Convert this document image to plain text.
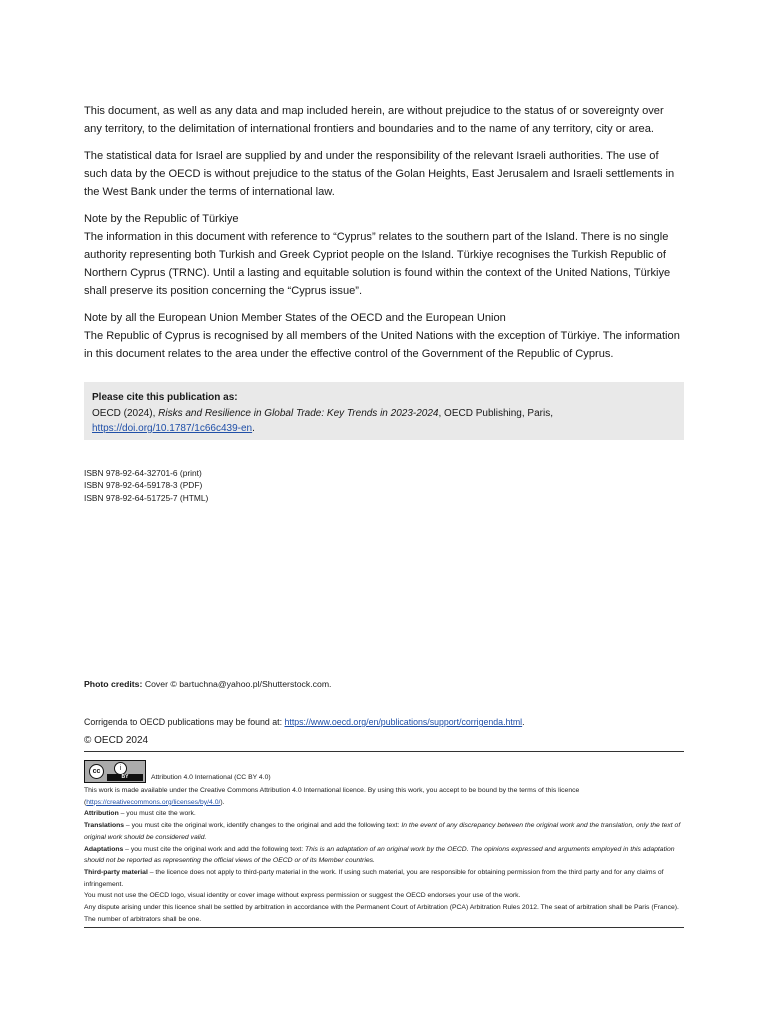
This document, as well as any data and map included herein, are without prejudice to the status of or sovereignty over any territory, to the delimitation of international frontiers and boundaries and to the name of any territory, city or area.

The statistical data for Israel are supplied by and under the responsibility of the relevant Israeli authorities. The use of such data by the OECD is without prejudice to the status of the Golan Heights, East Jerusalem and Israeli settlements in the West Bank under the terms of international law.

Note by the Republic of Türkiye

The information in this document with reference to “Cyprus” relates to the southern part of the Island. There is no single authority representing both Turkish and Greek Cypriot people on the Island. Türkiye recognises the Turkish Republic of Northern Cyprus (TRNC). Until a lasting and equitable solution is found within the context of the United Nations, Türkiye shall preserve its position concerning the “Cyprus issue”.

Note by all the European Union Member States of the OECD and the European Union

The Republic of Cyprus is recognised by all members of the United Nations with the exception of Türkiye. The information in this document relates to the area under the effective control of the Government of the Republic of Cyprus.

Please cite this publication as:

OECD (2024), Risks and Resilience in Global Trade: Key Trends in 2023-2024, OECD Publishing, Paris,

https://doi.org/10.1787/1c66c439-en.

ISBN 978-92-64-32701-6 (print)

ISBN 978-92-64-59178-3 (PDF)

ISBN 978-92-64-51725-7 (HTML)

Photo credits: Cover © bartuchna@yahoo.pl/Shutterstock.com.

Corrigenda to OECD publications may be found at: https://www.oecd.org/en/publications/support/corrigenda.html.

© OECD 2024

cc	i
BY	Attribution 4.0 International (CC BY 4.0)

This work is made available under the Creative Commons Attribution 4.0 International licence. By using this work, you accept to be bound by the terms of this licence (https://creativecommons.org/licenses/by/4.0/).

Attribution – you must cite the work.

Translations – you must cite the original work, identify changes to the original and add the following text: In the event of any discrepancy between the original work and the translation, only the text of original work should be considered valid.

Adaptations – you must cite the original work and add the following text: This is an adaptation of an original work by the OECD. The opinions expressed and arguments employed in this adaptation should not be reported as representing the official views of the OECD or of its Member countries.

Third-party material – the licence does not apply to third-party material in the work. If using such material, you are responsible for obtaining permission from the third party and for any claims of infringement.

You must not use the OECD logo, visual identity or cover image without express permission or suggest the OECD endorses your use of the work.

Any dispute arising under this licence shall be settled by arbitration in accordance with the Permanent Court of Arbitration (PCA) Arbitration Rules 2012. The seat of arbitration shall be Paris (France). The number of arbitrators shall be one.
